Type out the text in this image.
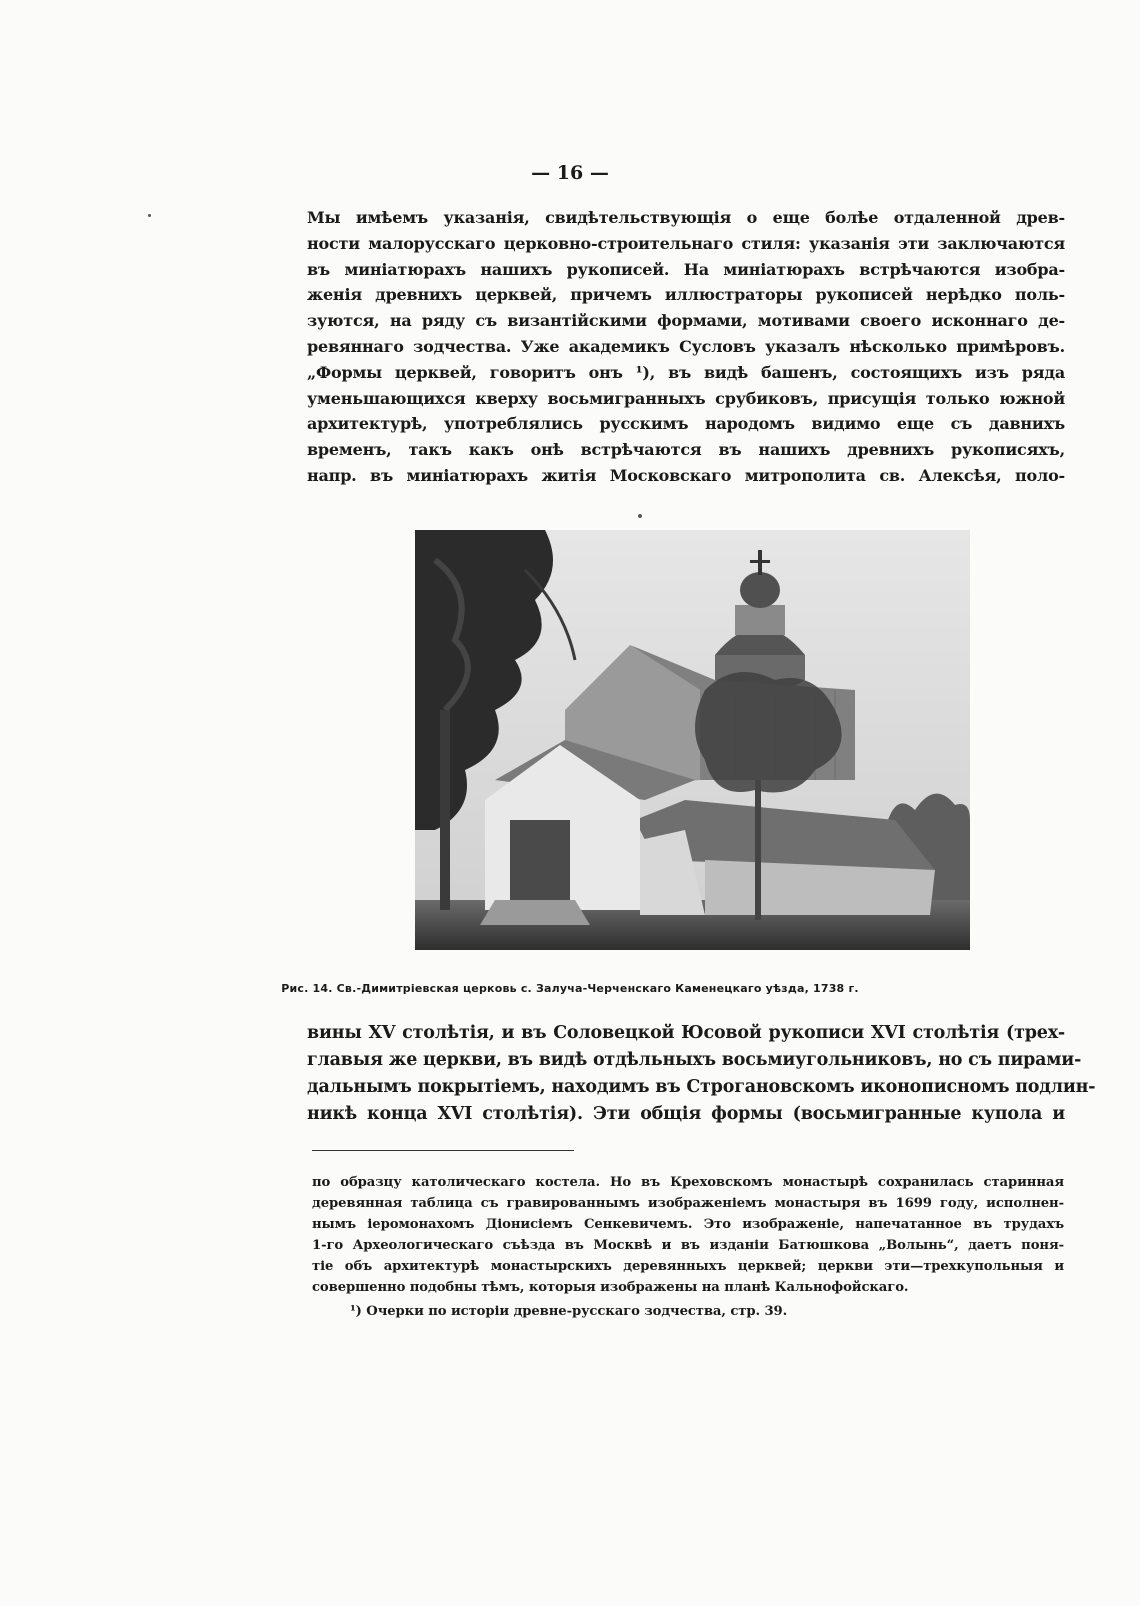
— 16 —
Мы имѣемъ указанія, свидѣтельствующія о еще болѣе отдаленной древ-
ности малорусскаго церковно-строительнаго стиля: указанія эти заключаются
въ миніатюрахъ нашихъ рукописей. На миніатюрахъ встрѣчаются изобра-
женія древнихъ церквей, причемъ иллюстраторы рукописей нерѣдко поль-
зуются, на ряду съ византійскими формами, мотивами своего исконнаго де-
ревяннаго зодчества. Уже академикъ Сусловъ указалъ нѣсколько примѣровъ.
„Формы церквей, говоритъ онъ ¹), въ видѣ башенъ, состоящихъ изъ ряда
уменьшающихся кверху восьмигранныхъ срубиковъ, присущія только южной
архитектурѣ, употреблялись русскимъ народомъ видимо еще съ давнихъ
временъ, такъ какъ онѣ встрѣчаются въ нашихъ древнихъ рукописяхъ,
напр. въ миніатюрахъ житія Московскаго митрополита св. Алексѣя, поло-
Рис. 14. Св.-Димитрiевская церковь с. Залуча-Черченскаго Каменецкаго уѣзда, 1738 г.
вины XV столѣтія, и въ Соловецкой Юсовой рукописи XVI столѣтія (трех-
главыя же церкви, въ видѣ отдѣльныхъ восьмиугольниковъ, но съ пирами-
дальнымъ покрытіемъ, находимъ въ Строгановскомъ иконописномъ подлин-
никѣ конца XVI столѣтія). Эти общія формы (восьмигранные купола и
по образцу католическаго костела. Но въ Креховскомъ монастырѣ сохранилась старинная
деревянная таблица съ гравированнымъ изображеніемъ монастыря въ 1699 году, исполнен-
нымъ іеромонахомъ Діонисіемъ Сенкевичемъ. Это изображеніе, напечатанное въ трудахъ
1-го Археологическаго съѣзда въ Москвѣ и въ изданіи Батюшкова „Волынь“, даетъ поня-
тіе объ архитектурѣ монастырскихъ деревянныхъ церквей; церкви эти—трехкупольныя и
совершенно подобны тѣмъ, которыя изображены на планѣ Кальнофойскаго.
¹) Очерки по исторіи древне-русскаго зодчества, стр. 39.
